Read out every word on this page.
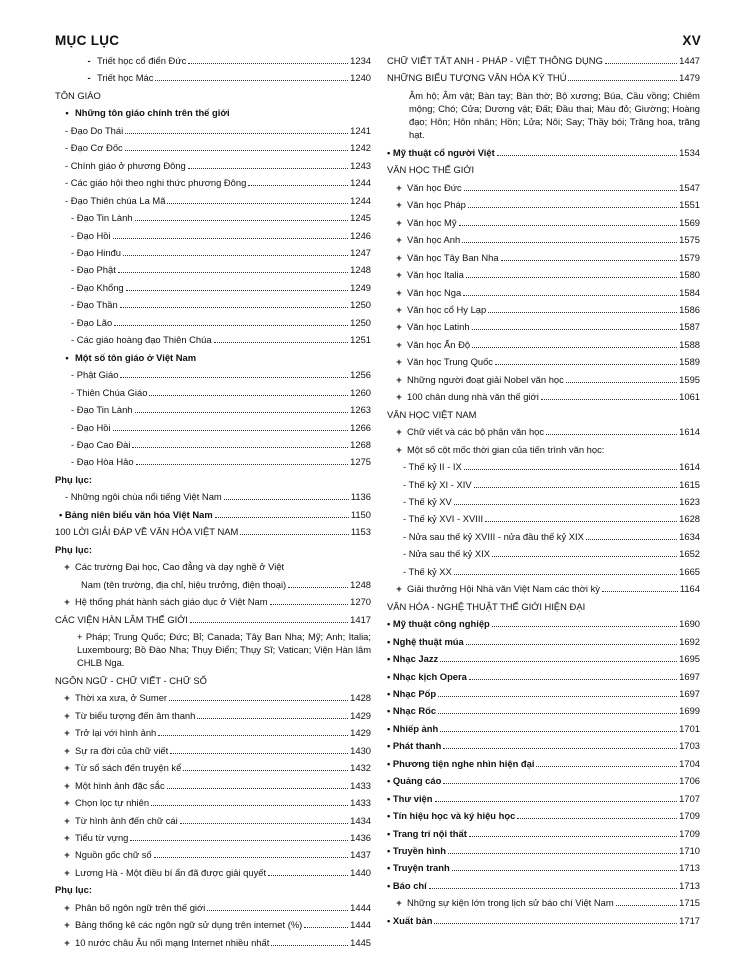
MỤC LỤC	XV
- Triết học cổ điển Đức	1234
- Triết học Mác	1240
TÔN GIÁO
• Những tôn giáo chính trên thế giới
- Đạo Do Thái	1241
- Đạo Cơ Đốc	1242
- Chính giáo ở phương Đông	1243
- Các giáo hội theo nghi thức phương Đông	1244
- Đạo Thiên chúa La Mã	1244
- Đạo Tin Lành	1245
- Đạo Hồi	1246
- Đạo Hinđu	1247
- Đạo Phật	1248
- Đạo Khổng	1249
- Đạo Thần	1250
- Đạo Lão	1250
- Các giáo hoàng đạo Thiên Chúa	1251
• Một số tôn giáo ở Việt Nam
- Phật Giáo	1256
- Thiên Chúa Giáo	1260
- Đạo Tin Lành	1263
- Đạo Hồi	1266
- Đạo Cao Đài	1268
- Đạo Hòa Hảo	1275
Phụ lục:
- Những ngôi chùa nổi tiếng Việt Nam	1136
• Bảng niên biểu văn hóa Việt Nam	1150
100 LỜI GIẢI ĐÁP VỀ VĂN HÓA VIỆT NAM	1153
Phụ lục:
+ Các trường Đại học, Cao đẳng và dạy nghề ở Việt
Nam (tên trường, địa chỉ, hiệu trưởng, điện thoại)	1248
+ Hệ thống phát hành sách giáo dục ở Việt Nam	1270
CÁC VIỆN HÀN LÂM THẾ GIỚI	1417
+ Pháp; Trung Quốc; Đức; Bỉ; Canada; Tây Ban Nha; Mỹ; Anh; Italia; Luxembourg; Bồ Đào Nha; Thụy Điển; Thụy Sĩ; Vatican; Viện Hàn lâm CHLB Nga.
NGÔN NGỮ - CHỮ VIẾT - CHỮ SỐ
+ Thời xa xưa, ở Sumer	1428
+ Từ biểu tượng đến âm thanh	1429
+ Trở lại với hình ảnh	1429
+ Sự ra đời của chữ viết	1430
+ Từ sổ sách đến truyện kể	1432
+ Một hình ảnh đặc sắc	1433
+ Chọn lọc tự nhiên	1433
+ Từ hình ảnh đến chữ cái	1434
+ Tiểu từ vựng	1436
+ Nguồn gốc chữ số	1437
+ Lương Hà - Một điều bí ẩn đã được giải quyết	1440
Phụ lục:
+ Phân bố ngôn ngữ trên thế giới	1444
+ Bảng thống kê các ngôn ngữ sử dụng trên internet (%)	1444
+ 10 nước châu Âu nối mạng Internet nhiều nhất	1445
CHỮ VIẾT TẮT ANH - PHÁP - VIỆT THÔNG DỤNG	1447
NHỮNG BIỂU TƯỢNG VĂN HÓA KỲ THÚ	1479
Âm hộ; Âm vật; Bàn tay; Bàn thờ; Bộ xương; Búa, Cầu vồng; Chiêm mộng; Chó; Cửa; Dương vật; Đất; Đầu thai; Màu đỏ; Giường; Hoàng đạo; Hôn; Hôn nhân; Hồn; Lửa; Nôi; Say; Thầy bói; Trăng hoa, trăng hạt.
• Mỹ thuật cổ người Việt	1534
VĂN HỌC THẾ GIỚI
+ Văn học Đức	1547
+ Văn học Pháp	1551
+ Văn học Mỹ	1569
+ Văn học Anh	1575
+ Văn học Tây Ban Nha	1579
+ Văn học Italia	1580
+ Văn học Nga	1584
+ Văn học cổ Hy Lạp	1586
+ Văn học Latinh	1587
+ Văn học Ấn Độ	1588
+ Văn học Trung Quốc	1589
+ Những người đoạt giải Nobel văn học	1595
+ 100 chân dung nhà văn thế giới	1061
VĂN HỌC VIỆT NAM
+ Chữ viết và các bộ phận văn học	1614
+ Một số cột mốc thời gian của tiến trình văn học:
- Thế kỷ II - IX	1614
- Thế kỷ XI - XIV	1615
- Thế kỷ XV	1623
- Thế kỷ XVI - XVIII	1628
- Nửa sau thế kỷ XVIII - nửa đầu thế kỷ XIX	1634
- Nửa sau thế kỷ XIX	1652
- Thế kỷ XX	1665
+ Giải thưởng Hội Nhà văn Việt Nam các thời kỳ	1164
VĂN HÓA - NGHỆ THUẬT THẾ GIỚI HIỆN ĐẠI
• Mỹ thuật công nghiệp	1690
• Nghệ thuật múa	1692
• Nhạc Jazz	1695
• Nhạc kịch Opera	1697
• Nhạc Pốp	1697
• Nhạc Rốc	1699
• Nhiếp ảnh	1701
• Phát thanh	1703
• Phương tiện nghe nhìn hiện đại	1704
• Quảng cáo	1706
• Thư viện	1707
• Tín hiệu học và ký hiệu học	1709
• Trang trí nội thất	1709
• Truyền hình	1710
• Truyện tranh	1713
• Báo chí	1713
+ Những sự kiện lớn trong lịch sử báo chí Việt Nam	1715
• Xuất bản	1717
